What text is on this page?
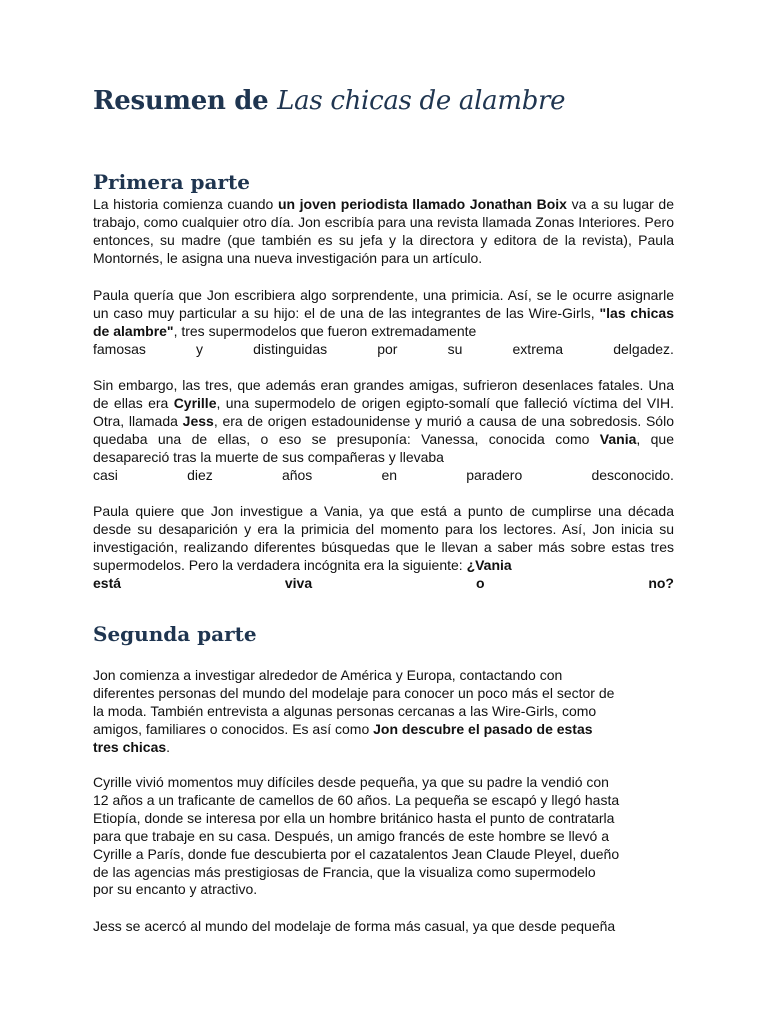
Resumen de Las chicas de alambre
Primera parte

La historia comienza cuando un joven periodista llamado Jonathan Boix va a su lugar de trabajo, como cualquier otro día. Jon escribía para una revista llamada Zonas Interiores. Pero entonces, su madre (que también es su jefa y la directora y editora de la revista), Paula Montornés, le asigna una nueva investigación para un artículo.

Paula quería que Jon escribiera algo sorprendente, una primicia. Así, se le ocurre asignarle un caso muy particular a su hijo: el de una de las integrantes de las Wire-Girls, "las chicas de alambre", tres supermodelos que fueron extremadamente
famosas	y	distinguidas	por	su	extrema	delgadez.

Sin embargo, las tres, que además eran grandes amigas, sufrieron desenlaces fatales. Una de ellas era Cyrille, una supermodelo de origen egipto-somalí que falleció víctima del VIH. Otra, llamada Jess, era de origen estadounidense y murió a causa de una sobredosis. Sólo quedaba una de ellas, o eso se presuponía: Vanessa, conocida como Vania, que desapareció tras la muerte de sus compañeras y llevaba
casi	diez	años	en	paradero	desconocido.

Paula quiere que Jon investigue a Vania, ya que está a punto de cumplirse una década desde su desaparición y era la primicia del momento para los lectores. Así, Jon inicia su investigación, realizando diferentes búsquedas que le llevan a saber más sobre estas tres supermodelos. Pero la verdadera incógnita era la siguiente: ¿Vania
está	viva	o	no?

Segunda parte

Jon comienza a investigar alrededor de América y Europa, contactando con
diferentes personas del mundo del modelaje para conocer un poco más el sector de
la moda. También entrevista a algunas personas cercanas a las Wire-Girls, como
amigos, familiares o conocidos. Es así como Jon descubre el pasado de estas
tres chicas.

Cyrille vivió momentos muy difíciles desde pequeña, ya que su padre la vendió con
12 años a un traficante de camellos de 60 años. La pequeña se escapó y llegó hasta
Etiopía, donde se interesa por ella un hombre británico hasta el punto de contratarla
para que trabaje en su casa. Después, un amigo francés de este hombre se llevó a
Cyrille a París, donde fue descubierta por el cazatalentos Jean Claude Pleyel, dueño
de las agencias más prestigiosas de Francia, que la visualiza como supermodelo
por su encanto y atractivo.

Jess se acercó al mundo del modelaje de forma más casual, ya que desde pequeña
